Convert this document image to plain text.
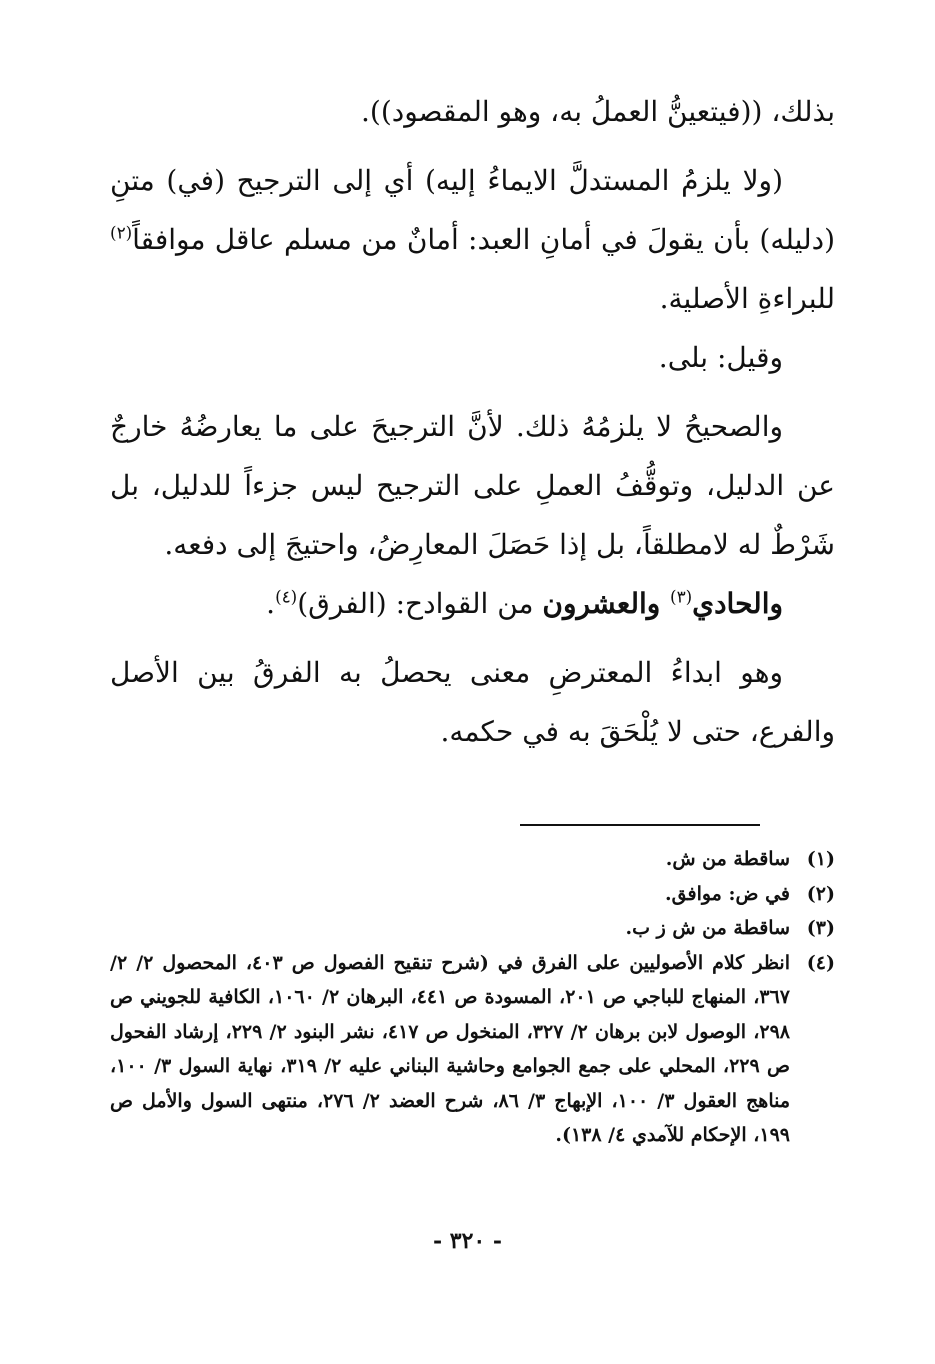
بذلك، ((فيتعينُّ العملُ به، وهو المقصود)).

(ولا يلزمُ المستدلَّ الايماءُ إليه) أي إلى الترجيح (في) متنِ (دليله) بأن يقولَ في أمانِ العبد: أمانٌ من مسلم عاقل موافقاً$^{(٢)}$ للبراءةِ الأصلية.

وقيل: بلى.

والصحيحُ لا يلزمُهُ ذلك. لأنَّ الترجيحَ على ما يعارضُهُ خارجٌ عن الدليل، وتوقُّفُ العملِ على الترجيح ليس جزءاً للدليل، بل شَرْطٌ له لامطلقاً، بل إذا حَصَلَ المعارِضُ، واحتيجَ إلى دفعه.

والحادي$^{(٣)}$ والعشرون من القوادح: (الفرق)$^{(٤)}$.

وهو ابداءُ المعترضِ معنى يحصلُ به الفرقُ بين الأصل والفرع، حتى لا يُلْحَقَ به في حكمه.

(١)
ساقطة من ش.
(٢)
في ض: موافق.
(٣)
ساقطة من ش ز ب.
(٤)
انظر كلام الأصوليين على الفرق في (شرح تنقيح الفصول ص ٤٠٣، المحصول ٢/ ٢/ ٣٦٧، المنهاج للباجي ص ٢٠١، المسودة ص ٤٤١، البرهان ٢/ ١٠٦٠، الكافية للجويني ص ٢٩٨، الوصول لابن برهان ٢/ ٣٢٧، المنخول ص ٤١٧، نشر البنود ٢/ ٢٢٩، إرشاد الفحول ص ٢٢٩، المحلي على جمع الجوامع وحاشية البناني عليه ٢/ ٣١٩، نهاية السول ٣/ ١٠٠، مناهج العقول ٣/ ١٠٠، الإبهاج ٣/ ٨٦، شرح العضد ٢/ ٢٧٦، منتهى السول والأمل ص ١٩٩، الإحكام للآمدي ٤/ ١٣٨).
- ٣٢٠ -
